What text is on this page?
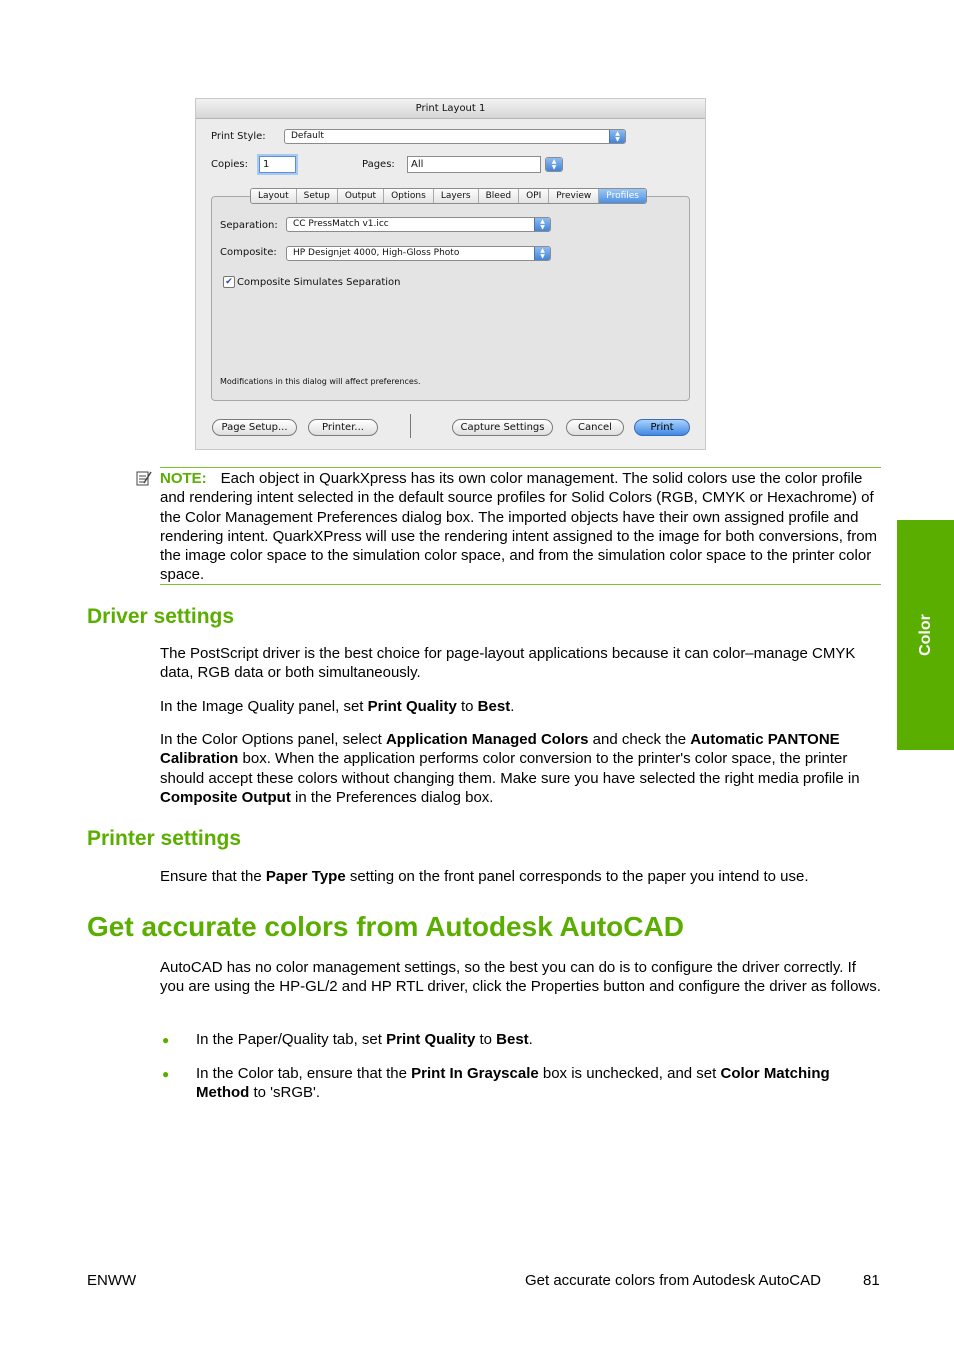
Print Layout 1
Print Style:	Default	▲
▼
Copies:	1	Pages:	All	▲
▼
Separation:	CC PressMatch v1.icc	▲
▼
Composite:	HP Designjet 4000, High-Gloss Photo	▲
▼
✔ Composite Simulates Separation
Modifications in this dialog will affect preferences.
Layout	Setup	Output	Options	Layers	Bleed	OPI	Preview	Profiles
Page Setup...	Printer...	Capture Settings	Cancel	Print
NOTE: Each object in QuarkXpress has its own color management. The solid colors use the color profile and rendering intent selected in the default source profiles for Solid Colors (RGB, CMYK or Hexachrome) of the Color Management Preferences dialog box. The imported objects have their own assigned profile and rendering intent. QuarkXPress will use the rendering intent assigned to the image for both conversions, from the image color space to the simulation color space, and from the simulation color space to the printer color space.
Driver settings

The PostScript driver is the best choice for page-layout applications because it can color–manage CMYK data, RGB data or both simultaneously.

In the Image Quality panel, set Print Quality to Best.

In the Color Options panel, select Application Managed Colors and check the Automatic PANTONE Calibration box. When the application performs color conversion to the printer's color space, the printer should accept these colors without changing them. Make sure you have selected the right media profile in Composite Output in the Preferences dialog box.

Printer settings

Ensure that the Paper Type setting on the front panel corresponds to the paper you intend to use.

Get accurate colors from Autodesk AutoCAD

AutoCAD has no color management settings, so the best you can do is to configure the driver correctly. If you are using the HP-GL/2 and HP RTL driver, click the Properties button and configure the driver as follows.

● In the Paper/Quality tab, set Print Quality to Best.

● In the Color tab, ensure that the Print In Grayscale box is unchecked, and set Color Matching Method to 'sRGB'.

Color
ENWW	Get accurate colors from Autodesk AutoCAD	81
